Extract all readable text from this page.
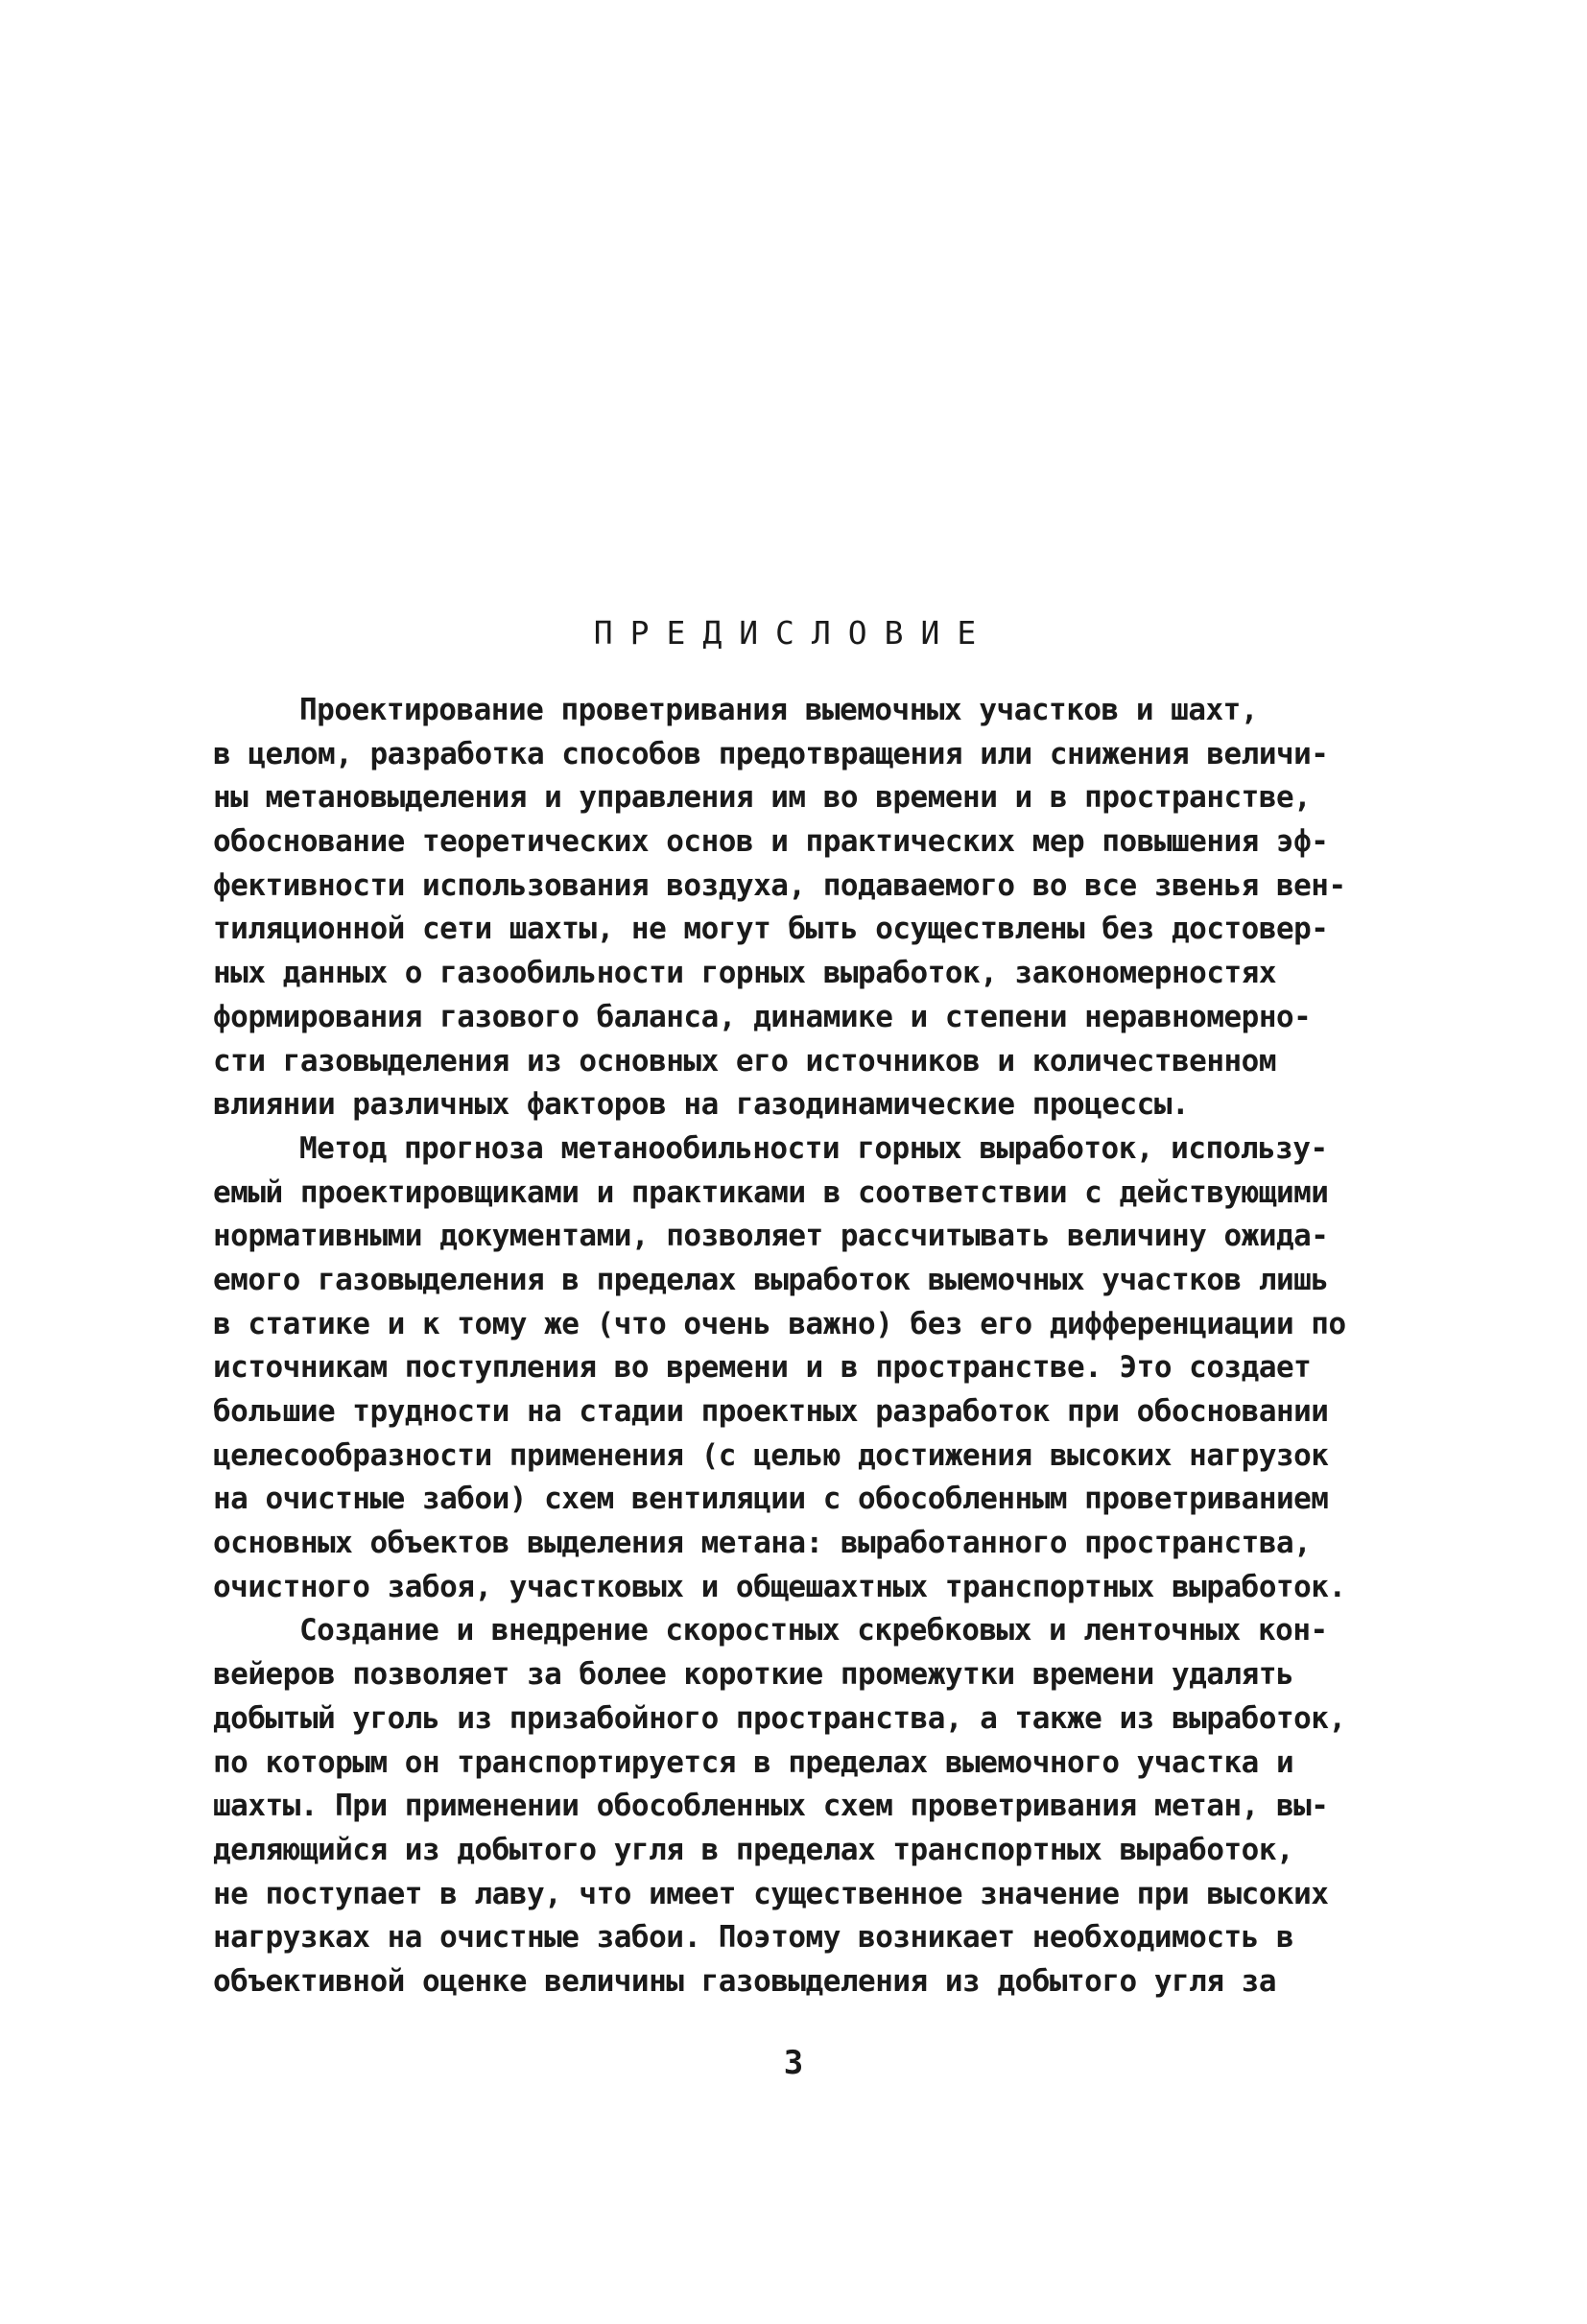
ПРЕДИСЛОВИЕ
Проектирование проветривания выемочных участков и шахт,
в целом, разработка способов предотвращения или снижения величи-
ны метановыделения и управления им во времени и в пространстве,
обоснование теоретических основ и практических мер повышения эф-
фективности использования воздуха, подаваемого во все звенья вен-
тиляционной сети шахты, не могут быть осуществлены без достовер-
ных данных о газообильности горных выработок, закономерностях
формирования газового баланса, динамике и степени неравномерно-
сти газовыделения из основных его источников и количественном
влиянии различных факторов на газодинамические процессы.
Метод прогноза метанообильности горных выработок, использу-
емый проектировщиками и практиками в соответствии с действующими
нормативными документами, позволяет рассчитывать величину ожида-
емого газовыделения в пределах выработок выемочных участков лишь
в статике и к тому же (что очень важно) без его дифференциации по
источникам поступления во времени и в пространстве. Это создает
большие трудности на стадии проектных разработок при обосновании
целесообразности применения (с целью достижения высоких нагрузок
на очистные забои) схем вентиляции с обособленным проветриванием
основных объектов выделения метана: выработанного пространства,
очистного забоя, участковых и общешахтных транспортных выработок.
Создание и внедрение скоростных скребковых и ленточных кон-
вейеров позволяет за более короткие промежутки времени удалять
добытый уголь из призабойного пространства, а также из выработок,
по которым он транспортируется в пределах выемочного участка и
шахты. При применении обособленных схем проветривания метан, вы-
деляющийся из добытого угля в пределах транспортных выработок,
не поступает в лаву, что имеет существенное значение при высоких
нагрузках на очистные забои. Поэтому возникает необходимость в
объективной оценке величины газовыделения из добытого угля за
3
